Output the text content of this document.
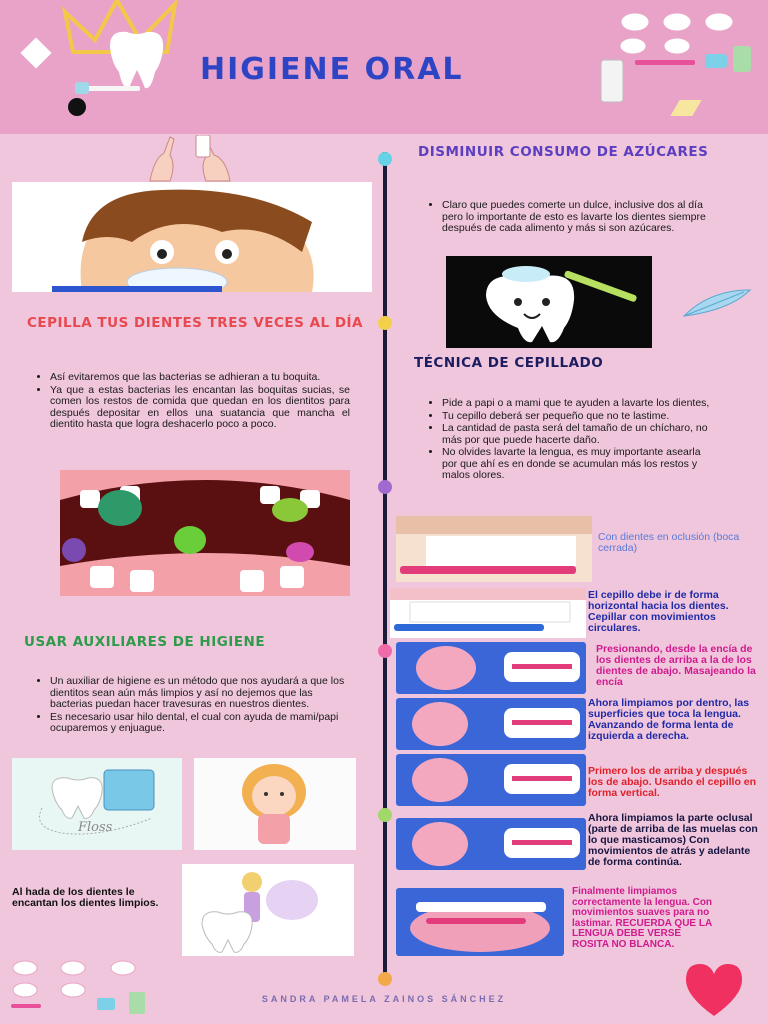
HIGIENE ORAL
CEPILLA TUS DIENTES TRES VECES AL DÍA
• Así evitaremos que las bacterias se adhieran a tu boquita.
• Ya que a estas bacterias les encantan las boquitas sucias, se comen los restos de comida que quedan en los dientitos para después depositar en ellos una suatancia que mancha el dientito hasta que logra deshacerlo poco a poco.
USAR AUXILIARES DE HIGIENE
• Un auxiliar de higiene es un método que nos ayudará a que los dientitos sean aún más limpios y así no dejemos que las bacterias puedan hacer travesuras en nuestros dientes.
• Es necesario usar hilo dental, el cual con ayuda de mami/papi ocuparemos y enjuague.
Floss
Al hada de los dientes le encantan los dientes limpios.
DISMINUIR CONSUMO DE AZÚCARES
• Claro que puedes comerte un dulce, inclusive dos al día pero lo importante de esto es lavarte los dientes siempre después de cada alimento y más si son azúcares.
TÉCNICA DE CEPILLADO
• Pide a papi o a mami que te ayuden a lavarte los dientes,
• Tu cepillo deberá ser pequeño que no te lastime.
• La cantidad de pasta será del tamaño de un chícharo, no más por que puede hacerte daño.
• No olvides lavarte la lengua, es muy importante asearla por que ahí es en donde se acumulan más los restos y malos olores.
Con dientes en oclusión (boca cerrada)
El cepillo debe ir de forma horizontal hacia los dientes. Cepillar con movimientos circulares.
Presionando, desde la encía de los dientes de arriba a la de los dientes de abajo. Masajeando la encía
Ahora limpiamos por dentro, las superficies que toca la lengua. Avanzando de forma lenta de izquierda a derecha.
Primero los de arriba y después los de abajo. Usando el cepillo en forma vertical.
Ahora limpiamos la parte oclusal (parte de arriba de las muelas con lo que masticamos) Con movimientos de atrás y adelante de forma continúa.
Finalmente limpiamos correctamente la lengua. Con movimientos suaves para no lastimar. RECUERDA QUE LA LENGUA DEBE VERSE ROSITA NO BLANCA.
SANDRA PAMELA ZAINOS SÁNCHEZ
